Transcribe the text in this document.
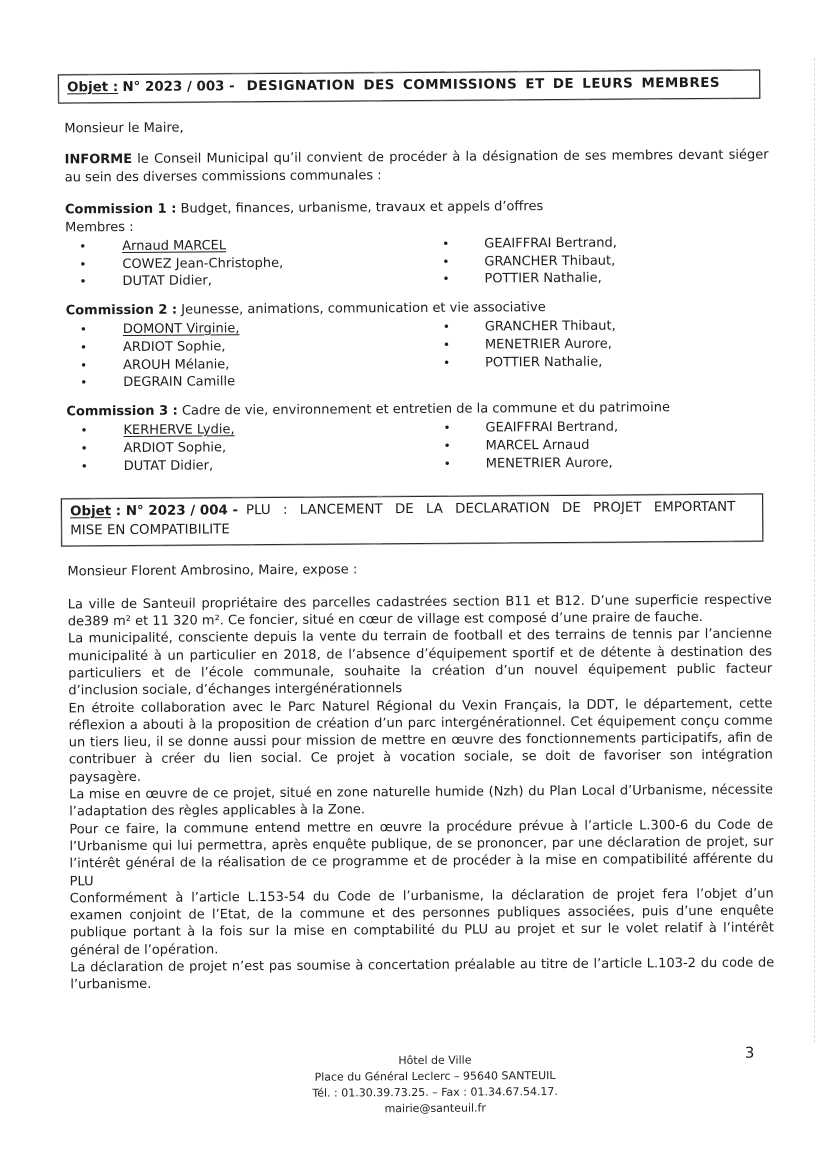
Objet : N° 2023 / 003 - DESIGNATION DES COMMISSIONS ET DE LEURS MEMBRES

Monsieur le Maire,

INFORME le Conseil Municipal qu’il convient de procéder à la désignation de ses membres devant siéger au sein des diverses commissions communales :

Commission 1 : Budget, finances, urbanisme, travaux et appels d’offres

Membres :

• Arnaud MARCEL
• COWEZ Jean-Christophe,
• DUTAT Didier,
• GEAIFFRAI Bertrand,
• GRANCHER Thibaut,
• POTTIER Nathalie,

Commission 2 : Jeunesse, animations, communication et vie associative

• DOMONT Virginie,
• ARDIOT Sophie,
• AROUH Mélanie,
• DEGRAIN Camille
• GRANCHER Thibaut,
• MENETRIER Aurore,
• POTTIER Nathalie,

Commission 3 : Cadre de vie, environnement et entretien de la commune et du patrimoine

• KERHERVE Lydie,
• ARDIOT Sophie,
• DUTAT Didier,
• GEAIFFRAI Bertrand,
• MARCEL Arnaud
• MENETRIER Aurore,

Objet : N° 2023 / 004 - PLU : LANCEMENT DE LA DECLARATION DE PROJET EMPORTANT
MISE EN COMPATIBILITE

Monsieur Florent Ambrosino, Maire, expose :

La ville de Santeuil propriétaire des parcelles cadastrées section B11 et B12. D’une superficie respective de389 m² et 11 320 m². Ce foncier, situé en cœur de village est composé d’une praire de fauche.

La municipalité, consciente depuis la vente du terrain de football et des terrains de tennis par l’ancienne municipalité à un particulier en 2018, de l’absence d’équipement sportif et de détente à destination des particuliers et de l’école communale, souhaite la création d’un nouvel équipement public facteur d’inclusion sociale, d’échanges intergénérationnels

En étroite collaboration avec le Parc Naturel Régional du Vexin Français, la DDT, le département, cette réflexion a abouti à la proposition de création d’un parc intergénérationnel. Cet équipement conçu comme un tiers lieu, il se donne aussi pour mission de mettre en œuvre des fonctionnements participatifs, afin de contribuer à créer du lien social. Ce projet à vocation sociale, se doit de favoriser son intégration paysagère.

La mise en œuvre de ce projet, situé en zone naturelle humide (Nzh) du Plan Local d’Urbanisme, nécessite l’adaptation des règles applicables à la Zone.

Pour ce faire, la commune entend mettre en œuvre la procédure prévue à l’article L.300-6 du Code de l’Urbanisme qui lui permettra, après enquête publique, de se prononcer, par une déclaration de projet, sur l’intérêt général de la réalisation de ce programme et de procéder à la mise en compatibilité afférente du PLU

Conformément à l’article L.153-54 du Code de l’urbanisme, la déclaration de projet fera l’objet d’un examen conjoint de l’Etat, de la commune et des personnes publiques associées, puis d’une enquête publique portant à la fois sur la mise en comptabilité du PLU au projet et sur le volet relatif à l’intérêt général de l’opération.

La déclaration de projet n’est pas soumise à concertation préalable au titre de l’article L.103-2 du code de l’urbanisme.

Hôtel de Ville
Place du Général Leclerc – 95640 SANTEUIL
Tél. : 01.30.39.73.25. – Fax : 01.34.67.54.17.
mairie@santeuil.fr
3
